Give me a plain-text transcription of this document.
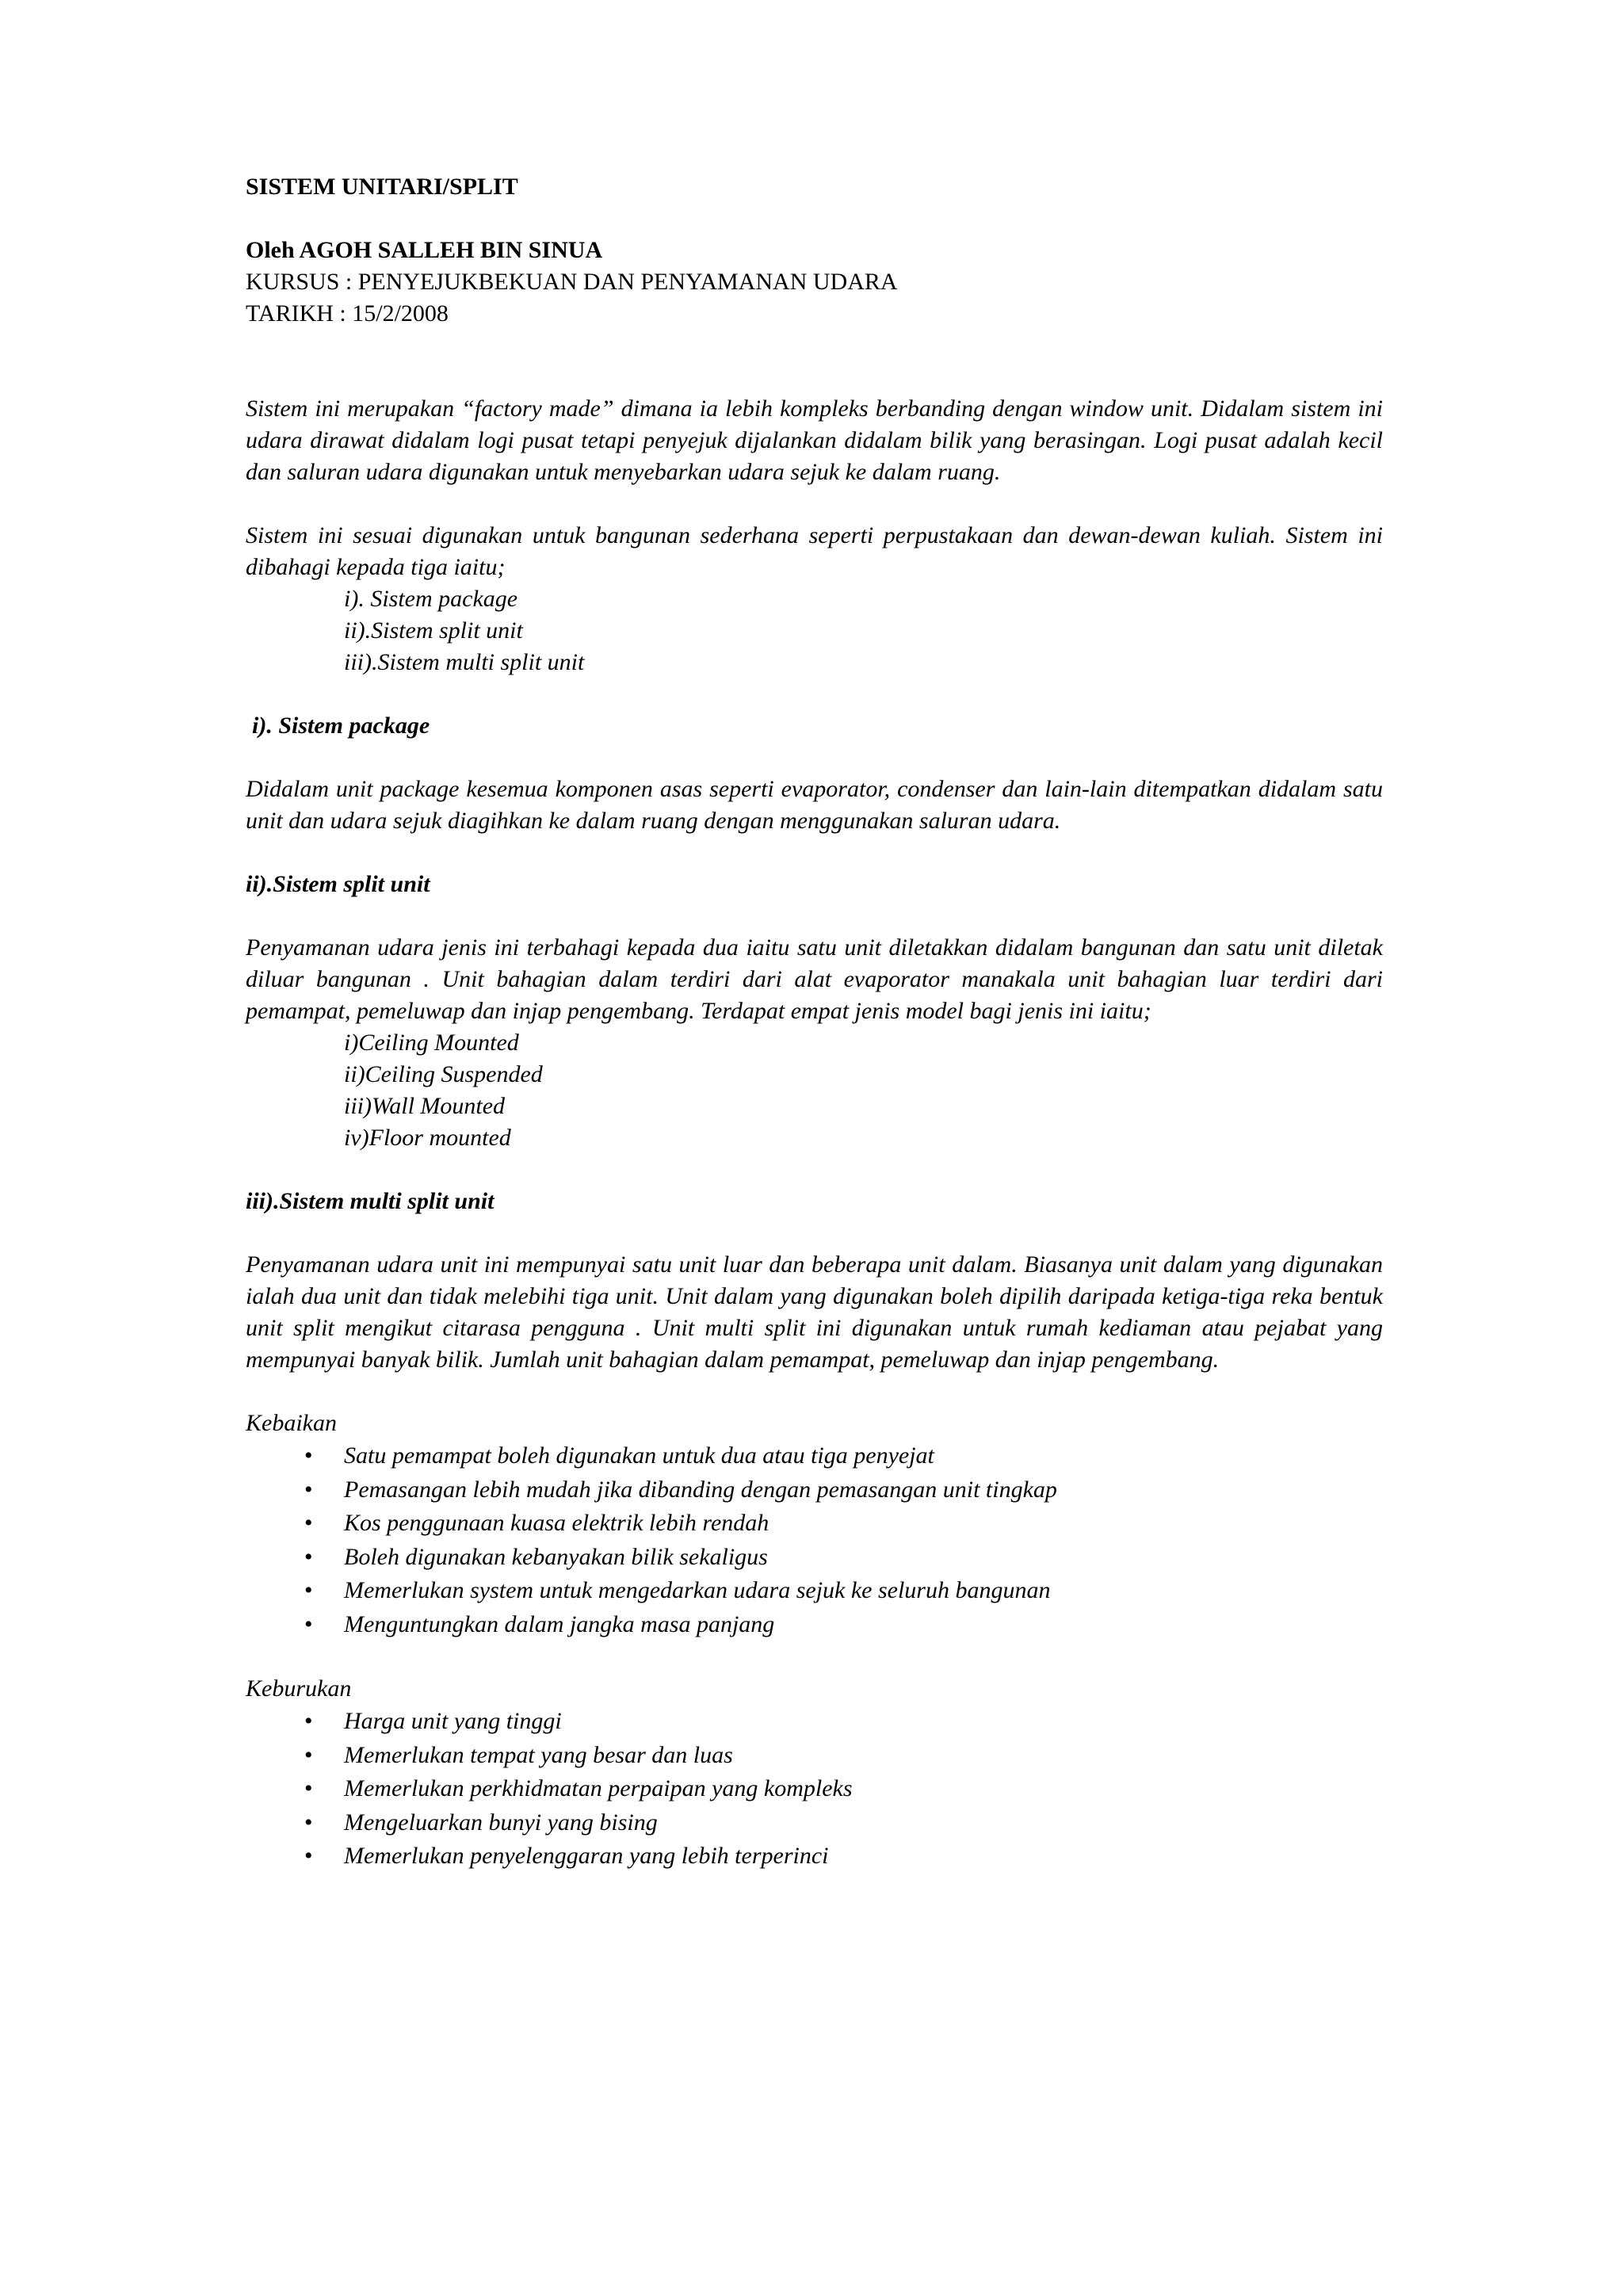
SISTEM UNITARI/SPLIT

Oleh AGOH SALLEH BIN SINUA

KURSUS : PENYEJUKBEKUAN DAN PENYAMANAN UDARA

TARIKH : 15/2/2008

Sistem ini merupakan “factory made” dimana ia lebih kompleks berbanding dengan window unit. Didalam sistem ini udara dirawat didalam logi pusat tetapi penyejuk dijalankan didalam bilik yang berasingan. Logi pusat adalah kecil dan saluran udara digunakan untuk menyebarkan udara sejuk ke dalam ruang.

Sistem ini sesuai digunakan untuk bangunan sederhana seperti perpustakaan dan dewan-dewan kuliah. Sistem ini dibahagi kepada tiga iaitu;

i). Sistem package
ii).Sistem split unit
iii).Sistem multi split unit

i). Sistem package

Didalam unit package kesemua komponen asas seperti evaporator, condenser dan lain-lain ditempatkan didalam satu unit dan udara sejuk diagihkan ke dalam ruang dengan menggunakan saluran udara.

ii).Sistem split unit

Penyamanan udara jenis ini terbahagi kepada dua iaitu satu unit diletakkan didalam bangunan dan satu unit diletak diluar bangunan . Unit bahagian dalam terdiri dari alat evaporator manakala unit bahagian luar terdiri dari pemampat, pemeluwap dan injap pengembang. Terdapat empat jenis model bagi jenis ini iaitu;

i)Ceiling Mounted
ii)Ceiling Suspended
iii)Wall Mounted
iv)Floor mounted

iii).Sistem multi split unit

Penyamanan udara unit ini mempunyai satu unit luar dan beberapa unit dalam. Biasanya unit dalam yang digunakan ialah dua unit dan tidak melebihi tiga unit. Unit dalam yang digunakan boleh dipilih daripada ketiga-tiga reka bentuk unit split mengikut citarasa pengguna . Unit multi split ini digunakan untuk rumah kediaman atau pejabat yang mempunyai banyak bilik. Jumlah unit bahagian dalam pemampat, pemeluwap dan injap pengembang.

Kebaikan

• Satu pemampat boleh digunakan untuk dua atau tiga penyejat
• Pemasangan lebih mudah jika dibanding dengan pemasangan unit tingkap
• Kos penggunaan kuasa elektrik lebih rendah
• Boleh digunakan kebanyakan bilik sekaligus
• Memerlukan system untuk mengedarkan udara sejuk ke seluruh bangunan
• Menguntungkan dalam jangka masa panjang

Keburukan

• Harga unit yang tinggi
• Memerlukan tempat yang besar dan luas
• Memerlukan perkhidmatan perpaipan yang kompleks
• Mengeluarkan bunyi yang bising
• Memerlukan penyelenggaran yang lebih terperinci
